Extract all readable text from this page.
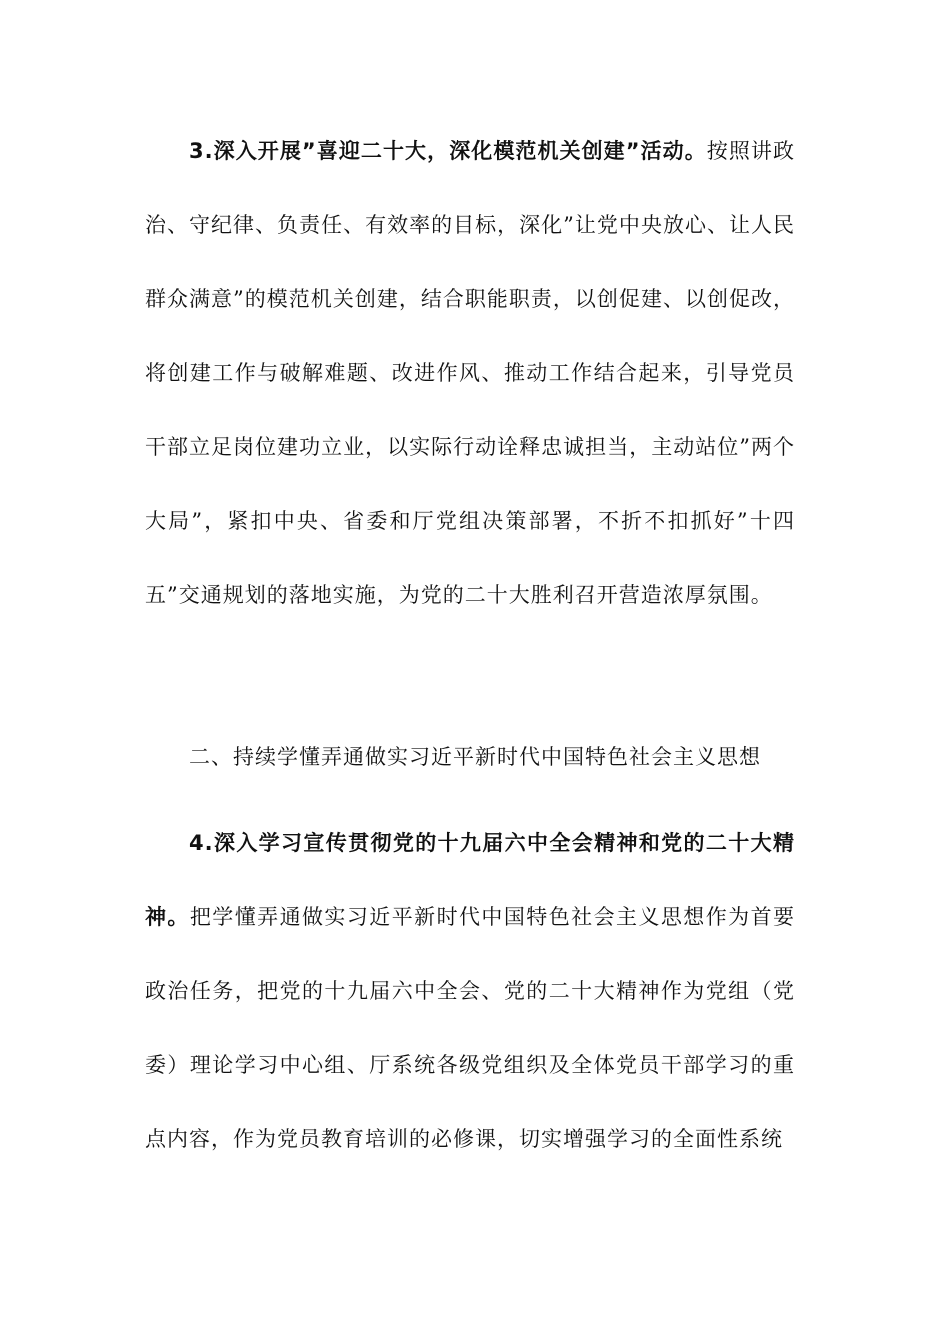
3.深入开展”喜迎二十大，深化模范机关创建”活动。按照讲政治、守纪律、负责任、有效率的目标，深化”让党中央放心、让人民群众满意”的模范机关创建，结合职能职责，以创促建、以创促改，将创建工作与破解难题、改进作风、推动工作结合起来，引导党员干部立足岗位建功立业，以实际行动诠释忠诚担当，主动站位”两个大局”，紧扣中央、省委和厅党组决策部署，不折不扣抓好”十四五”交通规划的落地实施，为党的二十大胜利召开营造浓厚氛围。

二、持续学懂弄通做实习近平新时代中国特色社会主义思想

4.深入学习宣传贯彻党的十九届六中全会精神和党的二十大精神。把学懂弄通做实习近平新时代中国特色社会主义思想作为首要政治任务，把党的十九届六中全会、党的二十大精神作为党组（党委）理论学习中心组、厅系统各级党组织及全体党员干部学习的重点内容，作为党员教育培训的必修课，切实增强学习的全面性系统
